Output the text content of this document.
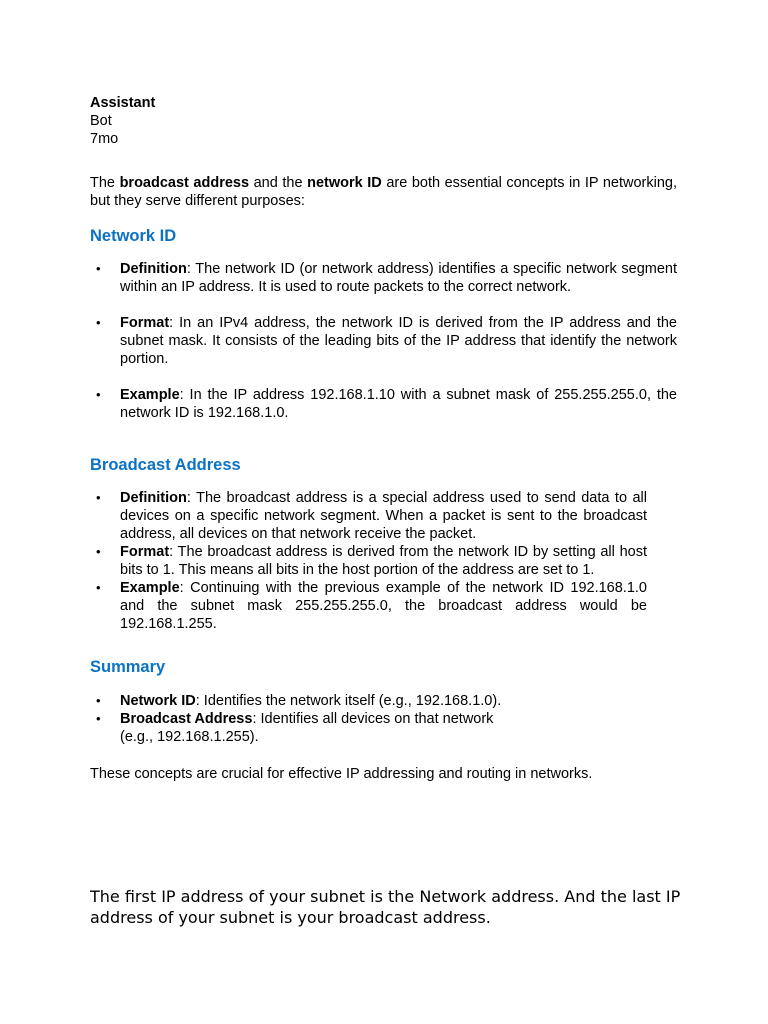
Assistant
Bot
7mo

The broadcast address and the network ID are both essential concepts in IP networking, but they serve different purposes:

Network ID
• Definition: The network ID (or network address) identifies a specific network segment within an IP address. It is used to route packets to the correct network.
• Format: In an IPv4 address, the network ID is derived from the IP address and the subnet mask. It consists of the leading bits of the IP address that identify the network portion.
• Example: In the IP address 192.168.1.10 with a subnet mask of 255.255.255.0, the network ID is 192.168.1.0.
Broadcast Address
• Definition: The broadcast address is a special address used to send data to all devices on a specific network segment. When a packet is sent to the broadcast address, all devices on that network receive the packet.
• Format: The broadcast address is derived from the network ID by setting all host bits to 1. This means all bits in the host portion of the address are set to 1.
• Example: Continuing with the previous example of the network ID 192.168.1.0 and the subnet mask 255.255.255.0, the broadcast address would be 192.168.1.255.
Summary
• Network ID: Identifies the network itself (e.g., 192.168.1.0).
• Broadcast Address: Identifies all devices on that network (e.g., 192.168.1.255).

These concepts are crucial for effective IP addressing and routing in networks.

The first IP address of your subnet is the Network address. And the last IP address of your subnet is your broadcast address.
